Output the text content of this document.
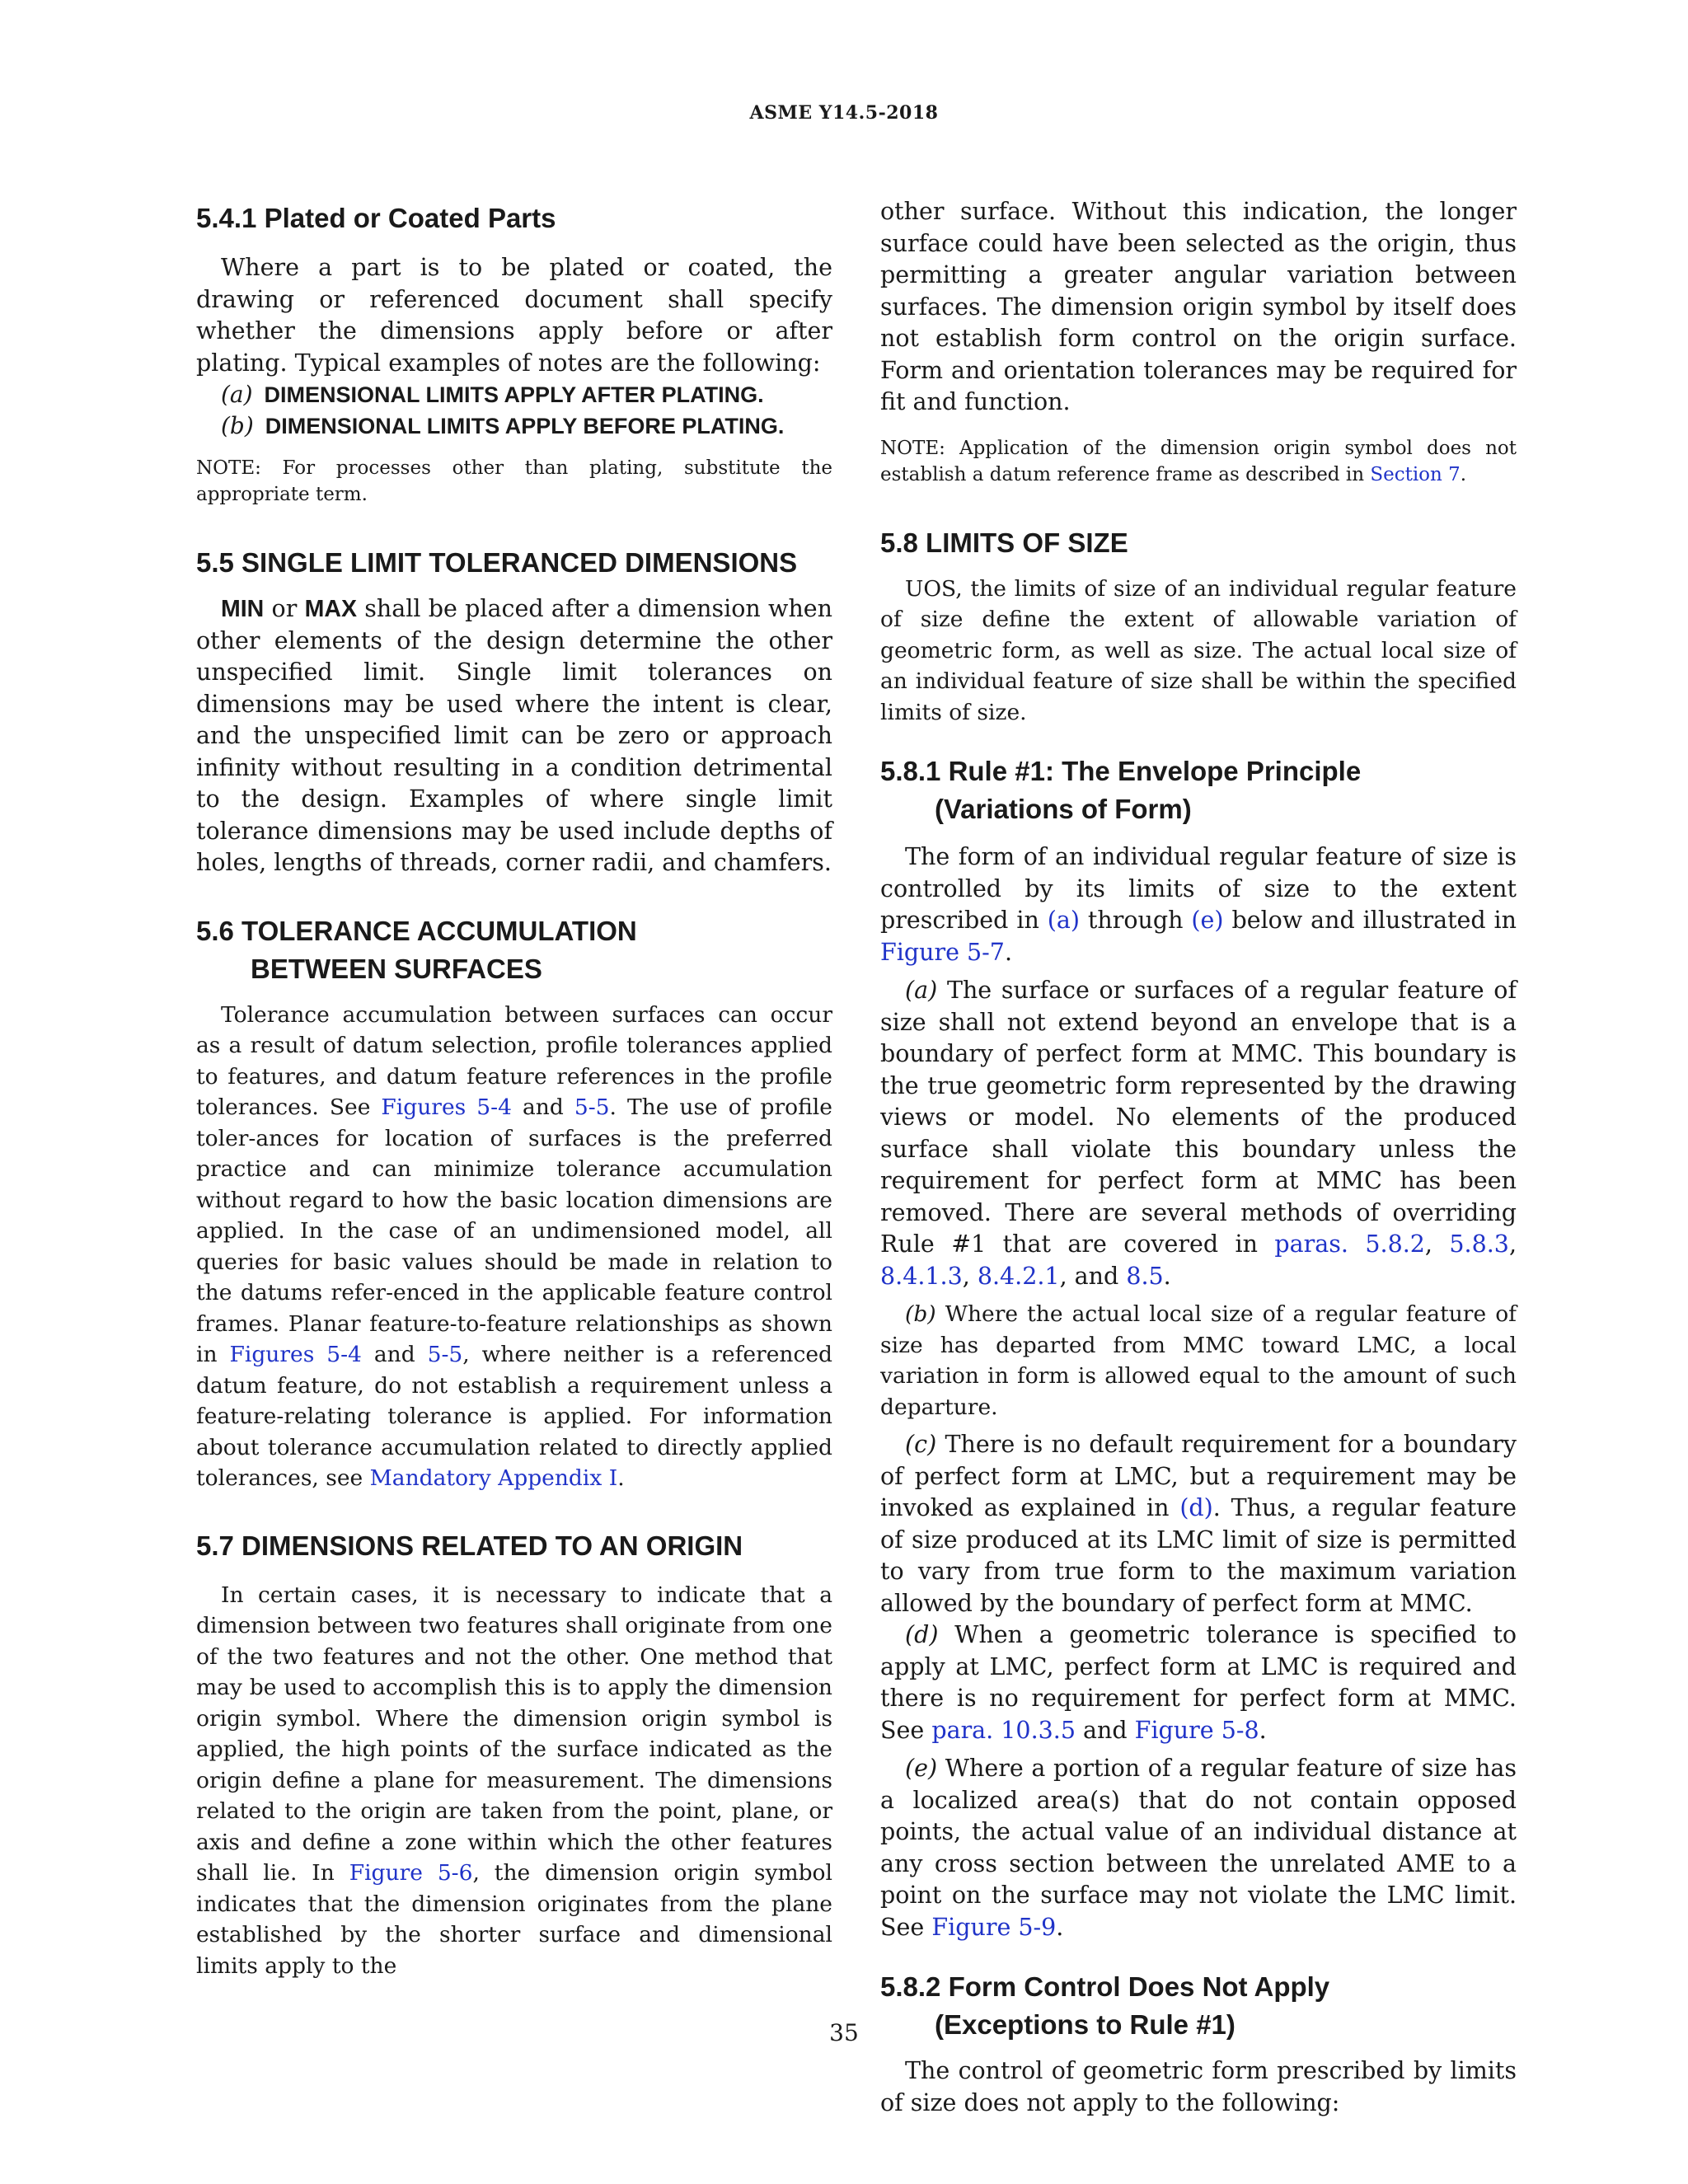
ASME Y14.5-2018
5.4.1 Plated or Coated Parts

Where a part is to be plated or coated, the drawing or referenced document shall specify whether the dimensions apply before or after plating. Typical examples of notes are the following:

(a) DIMENSIONAL LIMITS APPLY AFTER PLATING.
(b) DIMENSIONAL LIMITS APPLY BEFORE PLATING.

NOTE: For processes other than plating, substitute the appropriate term.

5.5 SINGLE LIMIT TOLERANCED DIMENSIONS

MIN or MAX shall be placed after a dimension when other elements of the design determine the other unspecified limit. Single limit tolerances on dimensions may be used where the intent is clear, and the unspecified limit can be zero or approach infinity without resulting in a condition detrimental to the design. Examples of where single limit tolerance dimensions may be used include depths of holes, lengths of threads, corner radii, and chamfers.

5.6 TOLERANCE ACCUMULATION
BETWEEN SURFACES

Tolerance accumulation between surfaces can occur as a result of datum selection, profile tolerances applied to features, and datum feature references in the profile tolerances. See Figures 5-4 and 5-5. The use of profile toler-ances for location of surfaces is the preferred practice and can minimize tolerance accumulation without regard to how the basic location dimensions are applied. In the case of an undimensioned model, all queries for basic values should be made in relation to the datums refer-enced in the applicable feature control frames. Planar feature-to-feature relationships as shown in Figures 5-4 and 5-5, where neither is a referenced datum feature, do not establish a requirement unless a feature-relating tolerance is applied. For information about tolerance accumulation related to directly applied tolerances, see Mandatory Appendix I.

5.7 DIMENSIONS RELATED TO AN ORIGIN

In certain cases, it is necessary to indicate that a dimension between two features shall originate from one of the two features and not the other. One method that may be used to accomplish this is to apply the dimension origin symbol. Where the dimension origin symbol is applied, the high points of the surface indicated as the origin define a plane for measurement. The dimensions related to the origin are taken from the point, plane, or axis and define a zone within which the other features shall lie. In Figure 5-6, the dimension origin symbol indicates that the dimension originates from the plane established by the shorter surface and dimensional limits apply to the

other surface. Without this indication, the longer surface could have been selected as the origin, thus permitting a greater angular variation between surfaces. The dimension origin symbol by itself does not establish form control on the origin surface. Form and orientation tolerances may be required for fit and function.

NOTE: Application of the dimension origin symbol does not establish a datum reference frame as described in Section 7.

5.8 LIMITS OF SIZE

UOS, the limits of size of an individual regular feature of size define the extent of allowable variation of geometric form, as well as size. The actual local size of an individual feature of size shall be within the specified limits of size.

5.8.1 Rule #1: The Envelope Principle
(Variations of Form)

The form of an individual regular feature of size is controlled by its limits of size to the extent prescribed in (a) through (e) below and illustrated in Figure 5-7.

(a) The surface or surfaces of a regular feature of size shall not extend beyond an envelope that is a boundary of perfect form at MMC. This boundary is the true geometric form represented by the drawing views or model. No elements of the produced surface shall violate this boundary unless the requirement for perfect form at MMC has been removed. There are several methods of overriding Rule #1 that are covered in paras. 5.8.2, 5.8.3, 8.4.1.3, 8.4.2.1, and 8.5.

(b) Where the actual local size of a regular feature of size has departed from MMC toward LMC, a local variation in form is allowed equal to the amount of such departure.

(c) There is no default requirement for a boundary of perfect form at LMC, but a requirement may be invoked as explained in (d). Thus, a regular feature of size produced at its LMC limit of size is permitted to vary from true form to the maximum variation allowed by the boundary of perfect form at MMC.

(d) When a geometric tolerance is specified to apply at LMC, perfect form at LMC is required and there is no requirement for perfect form at MMC. See para. 10.3.5 and Figure 5-8.

(e) Where a portion of a regular feature of size has a localized area(s) that do not contain opposed points, the actual value of an individual distance at any cross section between the unrelated AME to a point on the surface may not violate the LMC limit. See Figure 5-9.

5.8.2 Form Control Does Not Apply
(Exceptions to Rule #1)

The control of geometric form prescribed by limits of size does not apply to the following:

35
